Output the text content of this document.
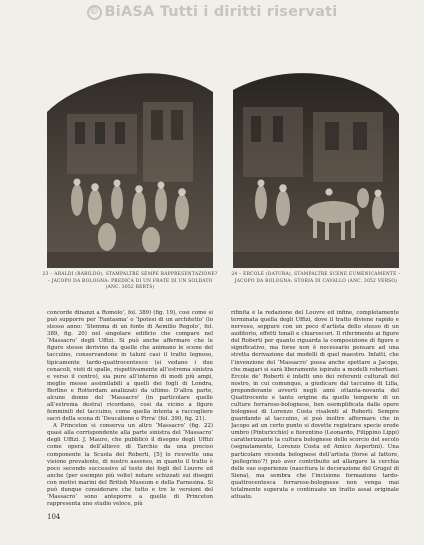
© BiASA Tutti i diritti riservati
23 – ARALDI (BARILDO), STAMPALTRE SEMPE RAPPRESENTAZIONE? – JACOPO DA BOLOGNA: PREDICA DI UN FRATE DI UN SOLDATO (ANC. 3052 BERTS)
24 – ERCOLE (DATURA), STAMPALTRE SCENE EUMENICAMENTE – JACOPO DA BOLOGNA: STORIA DI CAVALLO (ANC. 3052 VERSO)

concorde dinanzi a Romolo’, fol. 389) (fig. 19), così come si può supporre per ‘Fantasma’ o ‘Ipotesi di un architetto’ (lo stesso anno: ‘Stemma di un fonte di Aemilio Regolo’, fol. 389, fig. 20) nel singolare edificio che compare nel ‘Massacro’ degli Uffizi. Si può anche affermare che le figure stesse derivino da quelle che animano le scene del taccuino, conservandone in taluni casi il tratto legnoso, tipicamente tardo-quattrocentesco (si vedano i due cenacoli, visti di spalle, rispettivamente all’estrema sinistra e verso il centro), sia pure all’interno di modi più ampi, meglio messe assimilabili a quelli dei fogli di Londra, Berlino e Rotterdam analizzati da ultimo. D’altra parte, alcune donne del ‘Massacro’ (in particolare quelle all’estrema destra) ricordano, così da vicino a figure femminili del taccuino, come quella intenta a raccogliere sacri della scena di ‘Deucalione e Pirra’ (fol. 390, fig. 21).

A Princeton si conserva un altro ‘Massacro’ (fig. 22) quasi alla corrispondente alla parte sinistra del ‘Massacro’ degli Uffizi. J. Mauro, che pubblicò il disegno degli Uffizi come opera dell’allievo di Tarchio da una preciso componente la Scuola del Roberti, [5] lo ricevette una visione prevalente, di nostro assenso, in quanto il tratto è poco secondo successivo al testo dei fogli del Louvre ed anche (per esempio più volte) notare schizzati sui disegni con motivi marini del British Museum e della Farnesina. Si può dunque considerare che tutto e tre le versioni del ‘Massacro’ sono anteporre a quelle di Princeton rappresenta uno studio veloce, più

rifinita è la redazione del Louvre ed infine, completamente terminata quella degli Uffizi, dove il tratto diviene rapido e nervoso, seppure con un poco d’artista dello stesso di un auditorio, effetti tonali e chiaroscuri. Il riferimento ai figure del Roberti per quanto riguarda la composizione di figure e significativo, ma forse non è necessario pensare ad una stretta derivazione dai modelli di quel maestro. Infatti, che l’invenzione del ‘Massacro’ possa anche spettare a Jacopo, che magari si sarà liberamente ispirato a modelli robertiani. Ercole de’ Roberti è infatti uno dei referenti culturali del nostro, in cui comunque, a giudicare dal taccuino di Lilla, preponderante avvertì negli anni ottanta-novanta del Quattrocento e tanto origine da quello temperie di un culture ferrarese-bolognese, ben esemplificata dalle opere bolognesi di Lorenzo Costa risalenti al Roberti. Sempre guardando al taccuino, si può inoltre affermare che in Jacopo ad un certo punto si dovette registrare specie erede umbro (Pinturicchio) e fiorentino (Leonardo, Filippino Lippi) caratterizzante la cultura bolognese dello scorcio del secolo (segnatamente, Lorenzo Costa ed Amico Aspertini). Una particolare vicenda bolognese dell’artista (forse al fattore, ‘pellegrino’?) può aver contribuito ad allargare la cerchia delle sue esperienze (nascitura le decorazione del Grugel di Siena), ma sembra che l’incisione formazione tardo-quattrocentesca ferrarese-bolognese non venga mai totalmente superata e continuato un tratto assai originale attuato.

104
